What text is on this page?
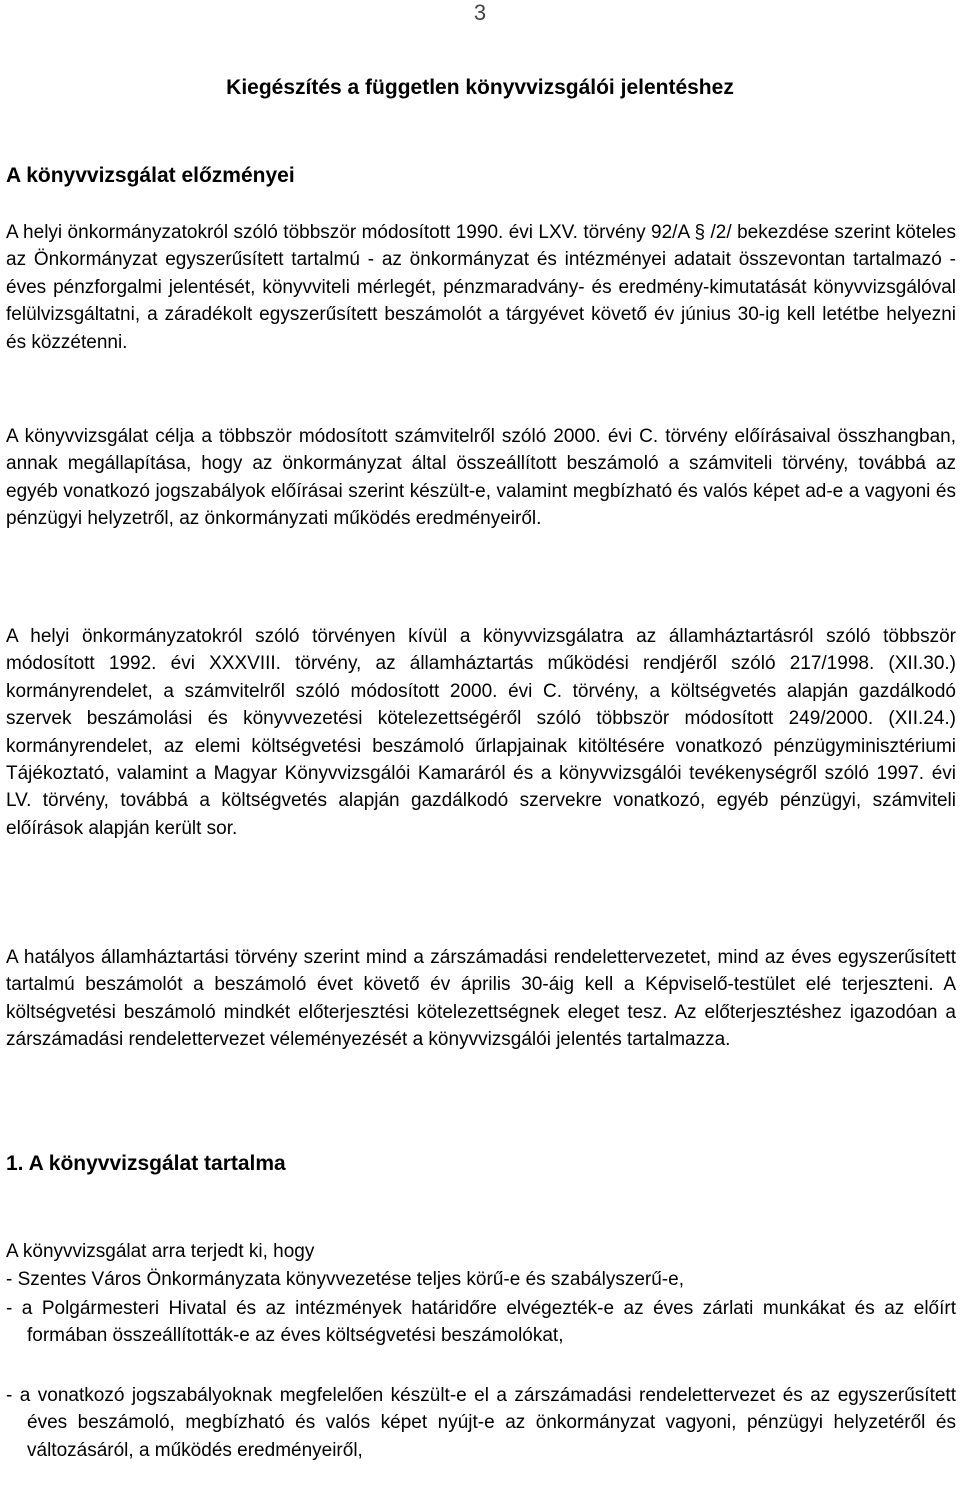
3
Kiegészítés a független könyvvizsgálói jelentéshez
A könyvvizsgálat előzményei

A helyi önkormányzatokról szóló többször módosított 1990. évi LXV. törvény 92/A § /2/ bekezdése szerint köteles az Önkormányzat egyszerűsített tartalmú - az önkormányzat és intézményei adatait összevontan tartalmazó - éves pénzforgalmi jelentését, könyvviteli mérlegét, pénzmaradvány- és eredmény-kimutatását könyvvizsgálóval felülvizsgáltatni, a záradékolt egyszerűsített beszámolót a tárgyévet követő év június 30-ig kell letétbe helyezni és közzétenni.

A könyvvizsgálat célja a többször módosított számvitelről szóló 2000. évi C. törvény előírásaival összhangban, annak megállapítása, hogy az önkormányzat által összeállított beszámoló a számviteli törvény, továbbá az egyéb vonatkozó jogszabályok előírásai szerint készült-e, valamint megbízható és valós képet ad-e a vagyoni és pénzügyi helyzetről, az önkormányzati működés eredményeiről.

A helyi önkormányzatokról szóló törvényen kívül a könyvvizsgálatra az államháztartásról szóló többször módosított 1992. évi XXXVIII. törvény, az államháztartás működési rendjéről szóló 217/1998. (XII.30.) kormányrendelet, a számvitelről szóló módosított 2000. évi C. törvény, a költségvetés alapján gazdálkodó szervek beszámolási és könyvvezetési kötelezettségéről szóló többször módosított 249/2000. (XII.24.) kormányrendelet, az elemi költségvetési beszámoló űrlapjainak kitöltésére vonatkozó pénzügyminisztériumi Tájékoztató, valamint a Magyar Könyvvizsgálói Kamaráról és a könyvvizsgálói tevékenységről szóló 1997. évi LV. törvény, továbbá a költségvetés alapján gazdálkodó szervekre vonatkozó, egyéb pénzügyi, számviteli előírások alapján került sor.

A hatályos államháztartási törvény szerint mind a zárszámadási rendelettervezetet, mind az éves egyszerűsített tartalmú beszámolót a beszámoló évet követő év április 30-áig kell a Képviselő-testület elé terjeszteni. A költségvetési beszámoló mindkét előterjesztési kötelezettségnek eleget tesz. Az előterjesztéshez igazodóan a zárszámadási rendelettervezet véleményezését a könyvvizsgálói jelentés tartalmazza.

1. A könyvvizsgálat tartalma

A könyvvizsgálat arra terjedt ki, hogy

- Szentes Város Önkormányzata könyvvezetése teljes körű-e és szabályszerű-e,

- a Polgármesteri Hivatal és az intézmények határidőre elvégezték-e az éves zárlati munkákat és az előírt formában összeállították-e az éves költségvetési beszámolókat,

- a vonatkozó jogszabályoknak megfelelően készült-e el a zárszámadási rendelettervezet és az egyszerűsített éves beszámoló, megbízható és valós képet nyújt-e az önkormányzat vagyoni, pénzügyi helyzetéről és változásáról, a működés eredményeiről,
